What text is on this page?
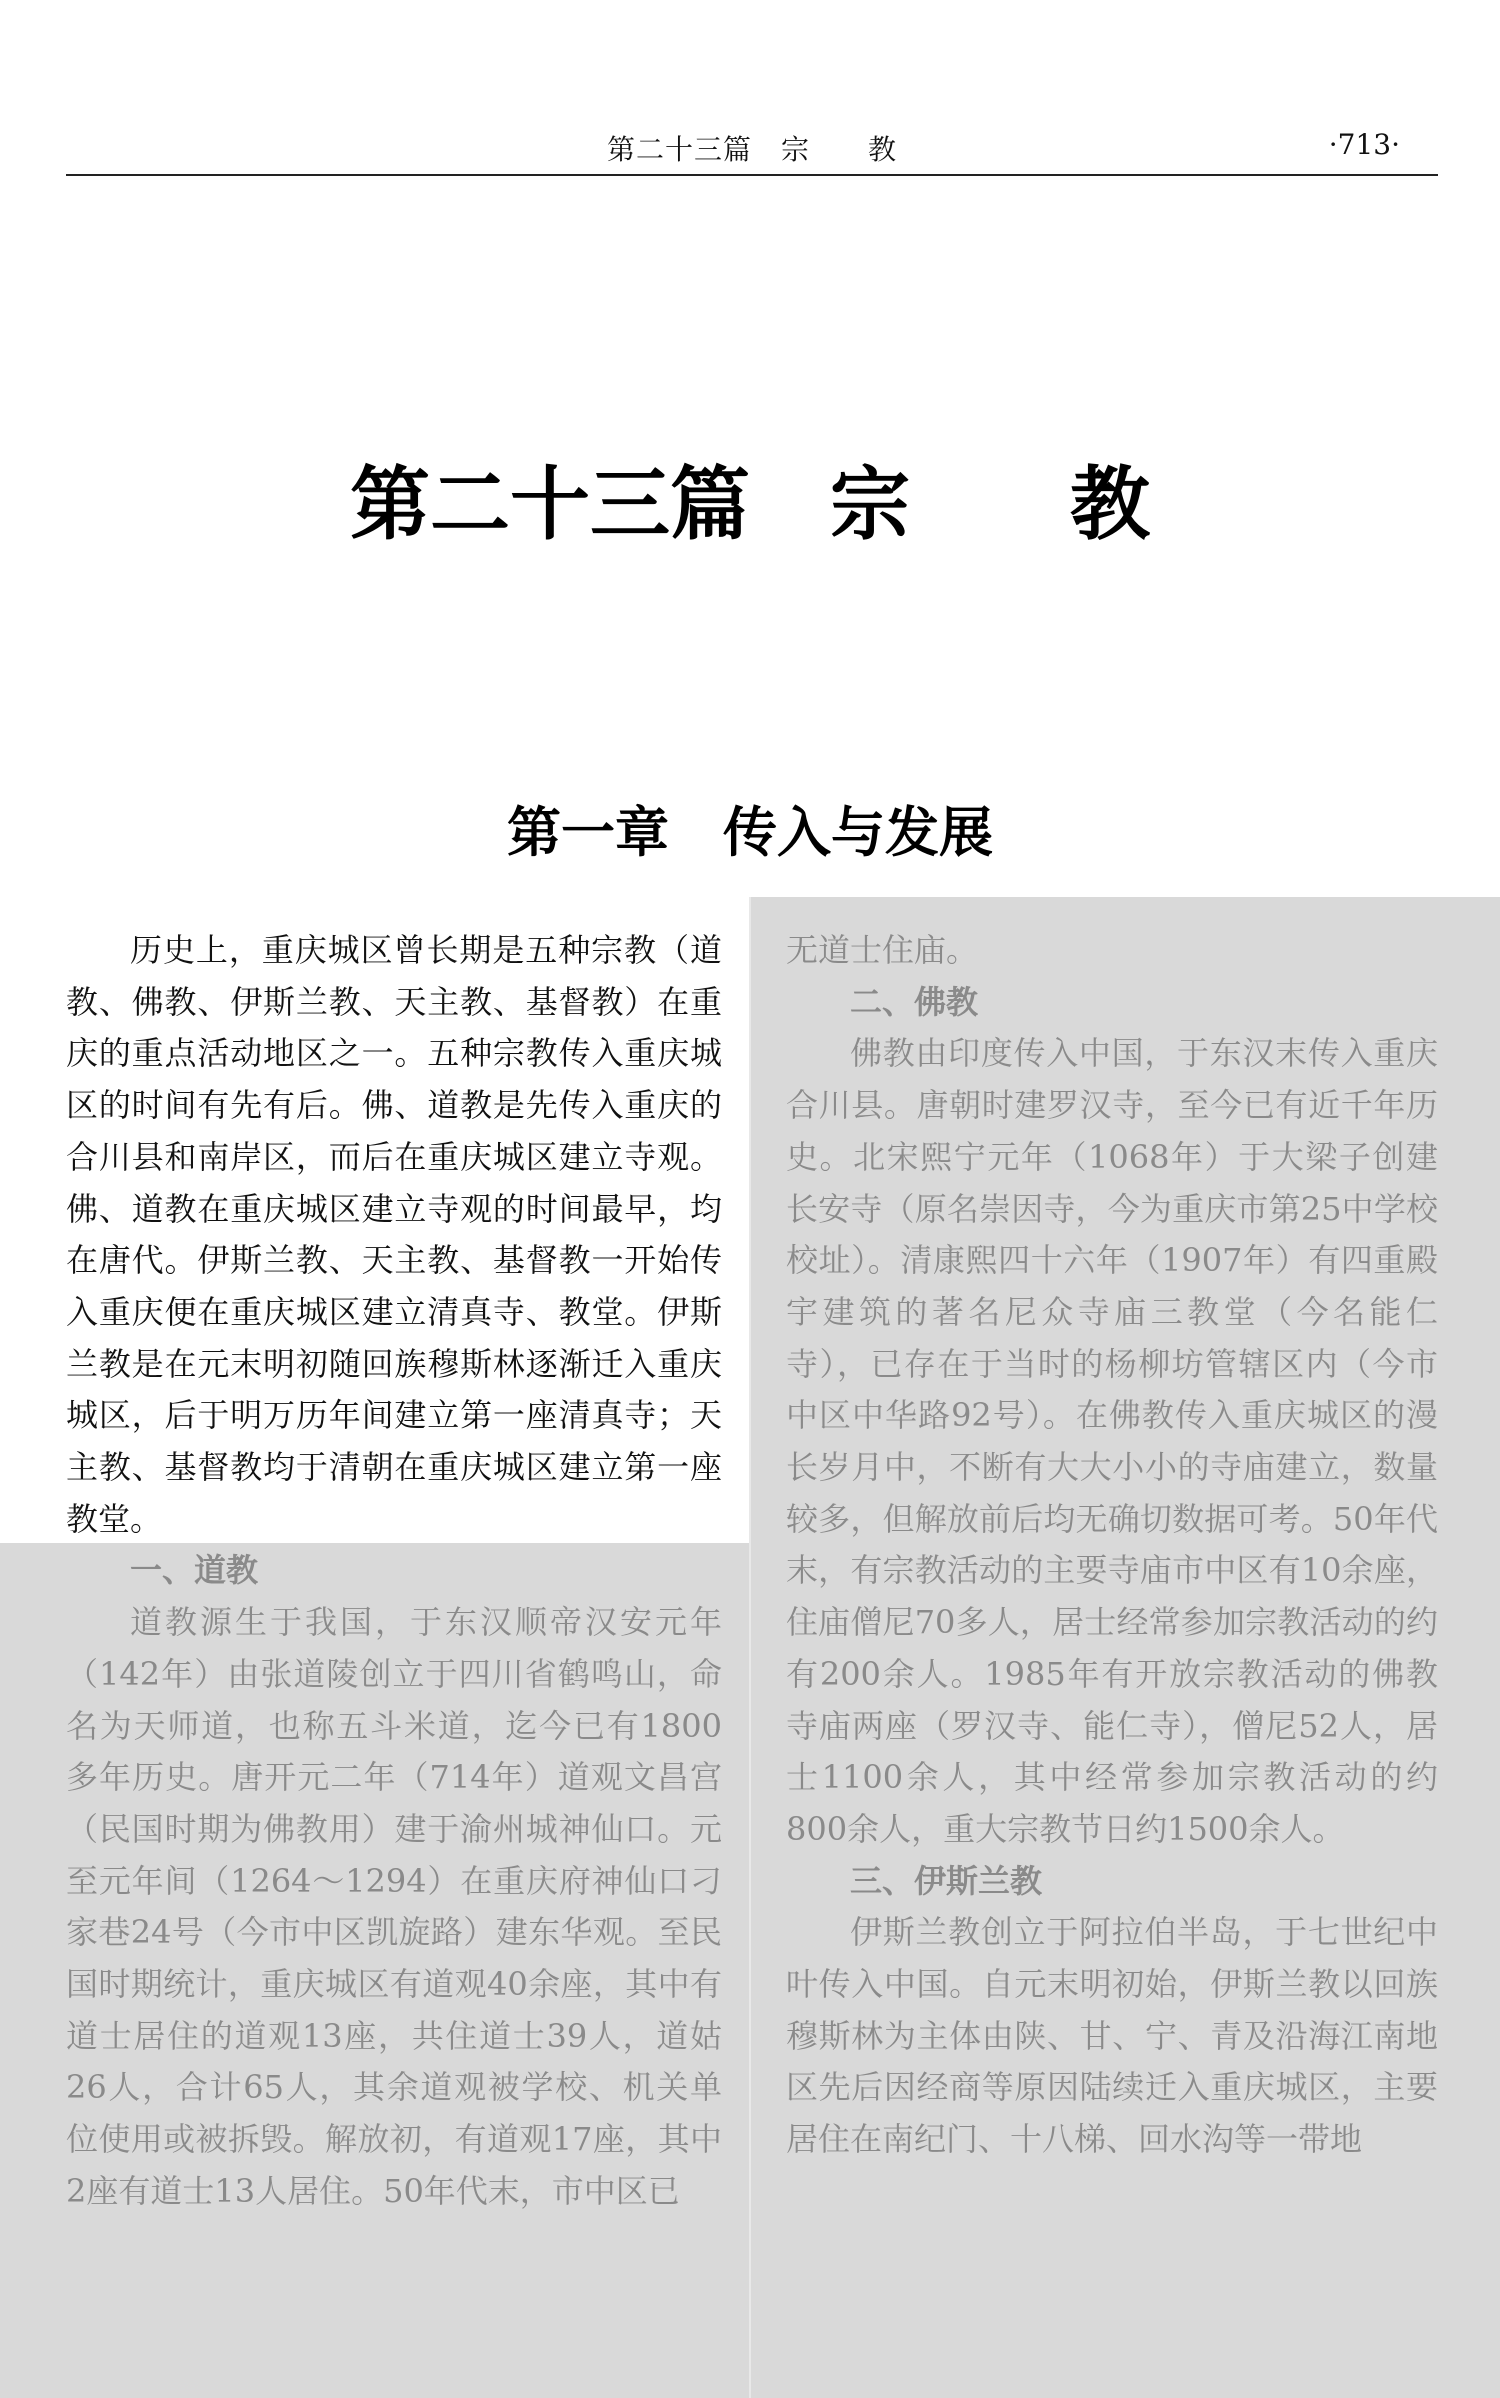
第二十三篇　宗　　教	·713·
第二十三篇　宗　　教
第一章　传入与发展

历史上，重庆城区曾长期是五种宗教（道教、佛教、伊斯兰教、天主教、基督教）在重庆的重点活动地区之一。五种宗教传入重庆城区的时间有先有后。佛、道教是先传入重庆的合川县和南岸区，而后在重庆城区建立寺观。佛、道教在重庆城区建立寺观的时间最早，均在唐代。伊斯兰教、天主教、基督教一开始传入重庆便在重庆城区建立清真寺、教堂。伊斯兰教是在元末明初随回族穆斯林逐渐迁入重庆城区，后于明万历年间建立第一座清真寺；天主教、基督教均于清朝在重庆城区建立第一座教堂。

一、道教

道教源生于我国，于东汉顺帝汉安元年（142年）由张道陵创立于四川省鹤鸣山，命名为天师道，也称五斗米道，迄今已有1800多年历史。唐开元二年（714年）道观文昌宫（民国时期为佛教用）建于渝州城神仙口。元至元年间（1264～1294）在重庆府神仙口刁家巷24号（今市中区凯旋路）建东华观。至民国时期统计，重庆城区有道观40余座，其中有道士居住的道观13座，共住道士39人，道姑26人，合计65人，其余道观被学校、机关单位使用或被拆毁。解放初，有道观17座，其中2座有道士13人居住。50年代末，市中区已

无道士住庙。

二、佛教

佛教由印度传入中国，于东汉末传入重庆合川县。唐朝时建罗汉寺，至今已有近千年历史。北宋熙宁元年（1068年）于大梁子创建长安寺（原名崇因寺，今为重庆市第25中学校校址）。清康熙四十六年（1907年）有四重殿宇建筑的著名尼众寺庙三教堂（今名能仁寺），已存在于当时的杨柳坊管辖区内（今市中区中华路92号）。在佛教传入重庆城区的漫长岁月中，不断有大大小小的寺庙建立，数量较多，但解放前后均无确切数据可考。50年代末，有宗教活动的主要寺庙市中区有10余座，住庙僧尼70多人，居士经常参加宗教活动的约有200余人。1985年有开放宗教活动的佛教寺庙两座（罗汉寺、能仁寺），僧尼52人，居士1100余人，其中经常参加宗教活动的约800余人，重大宗教节日约1500余人。

三、伊斯兰教

伊斯兰教创立于阿拉伯半岛，于七世纪中叶传入中国。自元末明初始，伊斯兰教以回族穆斯林为主体由陕、甘、宁、青及沿海江南地区先后因经商等原因陆续迁入重庆城区，主要居住在南纪门、十八梯、回水沟等一带地
